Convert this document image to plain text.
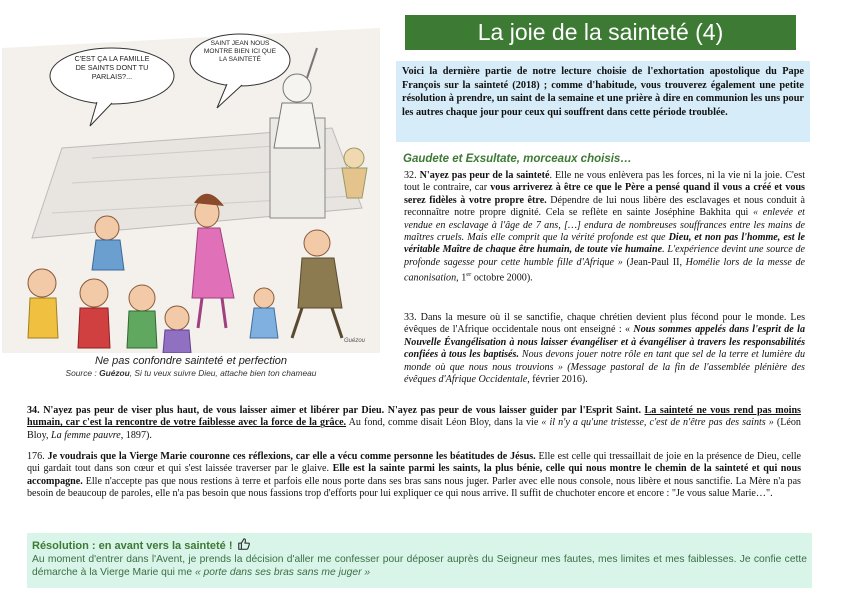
C'EST ÇA LA FAMILLE DE SAINTS DONT TU PARLAIS?...
SAINT JEAN NOUS MONTRE BIEN ICI QUE LA SAINTETÉ
Guézou
Ne pas confondre sainteté et perfection
Source : Guézou, Si tu veux suivre Dieu, attache bien ton chameau
La joie de la sainteté (4)
Voici la dernière partie de notre lecture choisie de l'exhortation apostolique du Pape François sur la sainteté (2018) ; comme d'habitude, vous trouverez également une petite résolution à prendre, un saint de la semaine et une prière à dire en communion les uns pour les autres chaque jour pour ceux qui souffrent dans cette période troublée.
Gaudete et Exsultate, morceaux choisis…
32. N'ayez pas peur de la sainteté. Elle ne vous enlèvera pas les forces, ni la vie ni la joie. C'est tout le contraire, car vous arriverez à être ce que le Père a pensé quand il vous a créé et vous serez fidèles à votre propre être. Dépendre de lui nous libère des esclavages et nous conduit à reconnaître notre propre dignité. Cela se reflète en sainte Joséphine Bakhita qui « enlevée et vendue en esclavage à l'âge de 7 ans, […] endura de nombreuses souffrances entre les mains de maîtres cruels. Mais elle comprit que la vérité profonde est que Dieu, et non pas l'homme, est le véritable Maître de chaque être humain, de toute vie humaine. L'expérience devint une source de profonde sagesse pour cette humble fille d'Afrique » (Jean-Paul II, Homélie lors de la messe de canonisation, 1er octobre 2000).
33. Dans la mesure où il se sanctifie, chaque chrétien devient plus fécond pour le monde. Les évêques de l'Afrique occidentale nous ont enseigné : « Nous sommes appelés dans l'esprit de la Nouvelle Évangélisation à nous laisser évangéliser et à évangéliser à travers les responsabilités confiées à tous les baptisés. Nous devons jouer notre rôle en tant que sel de la terre et lumière du monde où que nous nous trouvions » (Message pastoral de la fin de l'assemblée plénière des évêques d'Afrique Occidentale, février 2016).
34. N'ayez pas peur de viser plus haut, de vous laisser aimer et libérer par Dieu. N'ayez pas peur de vous laisser guider par l'Esprit Saint. La sainteté ne vous rend pas moins humain, car c'est la rencontre de votre faiblesse avec la force de la grâce. Au fond, comme disait Léon Bloy, dans la vie « il n'y a qu'une tristesse, c'est de n'être pas des saints » (Léon Bloy, La femme pauvre, 1897).
176. Je voudrais que la Vierge Marie couronne ces réflexions, car elle a vécu comme personne les béatitudes de Jésus. Elle est celle qui tressaillait de joie en la présence de Dieu, celle qui gardait tout dans son cœur et qui s'est laissée traverser par le glaive. Elle est la sainte parmi les saints, la plus bénie, celle qui nous montre le chemin de la sainteté et qui nous accompagne. Elle n'accepte pas que nous restions à terre et parfois elle nous porte dans ses bras sans nous juger. Parler avec elle nous console, nous libère et nous sanctifie. La Mère n'a pas besoin de beaucoup de paroles, elle n'a pas besoin que nous fassions trop d'efforts pour lui expliquer ce qui nous arrive. Il suffit de chuchoter encore et encore : "Je vous salue Marie…".
Résolution : en avant vers la sainteté !
Au moment d'entrer dans l'Avent, je prends la décision d'aller me confesser pour déposer auprès du Seigneur mes fautes, mes limites et mes faiblesses. Je confie cette démarche à la Vierge Marie qui me « porte dans ses bras sans me juger »
